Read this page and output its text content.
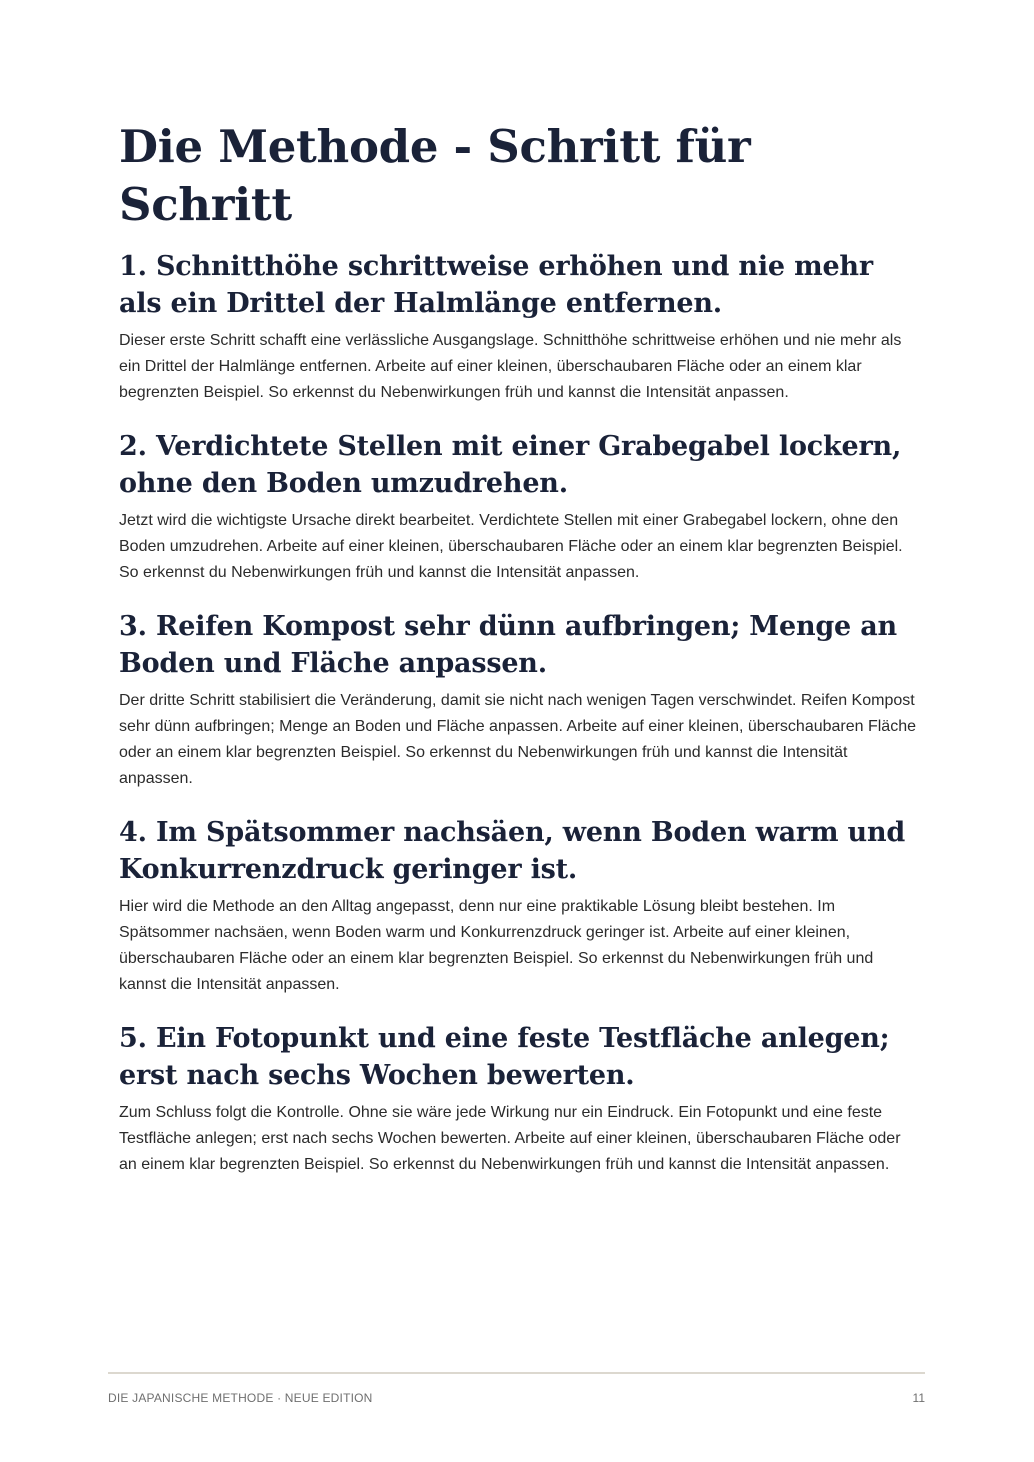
Die Methode - Schritt für Schritt
1. Schnitthöhe schrittweise erhöhen und nie mehr als ein Drittel der Halmlänge entfernen.

Dieser erste Schritt schafft eine verlässliche Ausgangslage. Schnitthöhe schrittweise erhöhen und nie mehr als ein Drittel der Halmlänge entfernen. Arbeite auf einer kleinen, überschaubaren Fläche oder an einem klar begrenzten Beispiel. So erkennst du Nebenwirkungen früh und kannst die Intensität anpassen.

2. Verdichtete Stellen mit einer Grabegabel lockern, ohne den Boden umzudrehen.

Jetzt wird die wichtigste Ursache direkt bearbeitet. Verdichtete Stellen mit einer Grabegabel lockern, ohne den Boden umzudrehen. Arbeite auf einer kleinen, überschaubaren Fläche oder an einem klar begrenzten Beispiel. So erkennst du Nebenwirkungen früh und kannst die Intensität anpassen.

3. Reifen Kompost sehr dünn aufbringen; Menge an Boden und Fläche anpassen.

Der dritte Schritt stabilisiert die Veränderung, damit sie nicht nach wenigen Tagen verschwindet. Reifen Kompost sehr dünn aufbringen; Menge an Boden und Fläche anpassen. Arbeite auf einer kleinen, überschaubaren Fläche oder an einem klar begrenzten Beispiel. So erkennst du Nebenwirkungen früh und kannst die Intensität anpassen.

4. Im Spätsommer nachsäen, wenn Boden warm und Konkurrenzdruck geringer ist.

Hier wird die Methode an den Alltag angepasst, denn nur eine praktikable Lösung bleibt bestehen. Im Spätsommer nachsäen, wenn Boden warm und Konkurrenzdruck geringer ist. Arbeite auf einer kleinen, überschaubaren Fläche oder an einem klar begrenzten Beispiel. So erkennst du Nebenwirkungen früh und kannst die Intensität anpassen.

5. Ein Fotopunkt und eine feste Testfläche anlegen; erst nach sechs Wochen bewerten.

Zum Schluss folgt die Kontrolle. Ohne sie wäre jede Wirkung nur ein Eindruck. Ein Fotopunkt und eine feste Testfläche anlegen; erst nach sechs Wochen bewerten. Arbeite auf einer kleinen, überschaubaren Fläche oder an einem klar begrenzten Beispiel. So erkennst du Nebenwirkungen früh und kannst die Intensität anpassen.

DIE JAPANISCHE METHODE · NEUE EDITION	11
